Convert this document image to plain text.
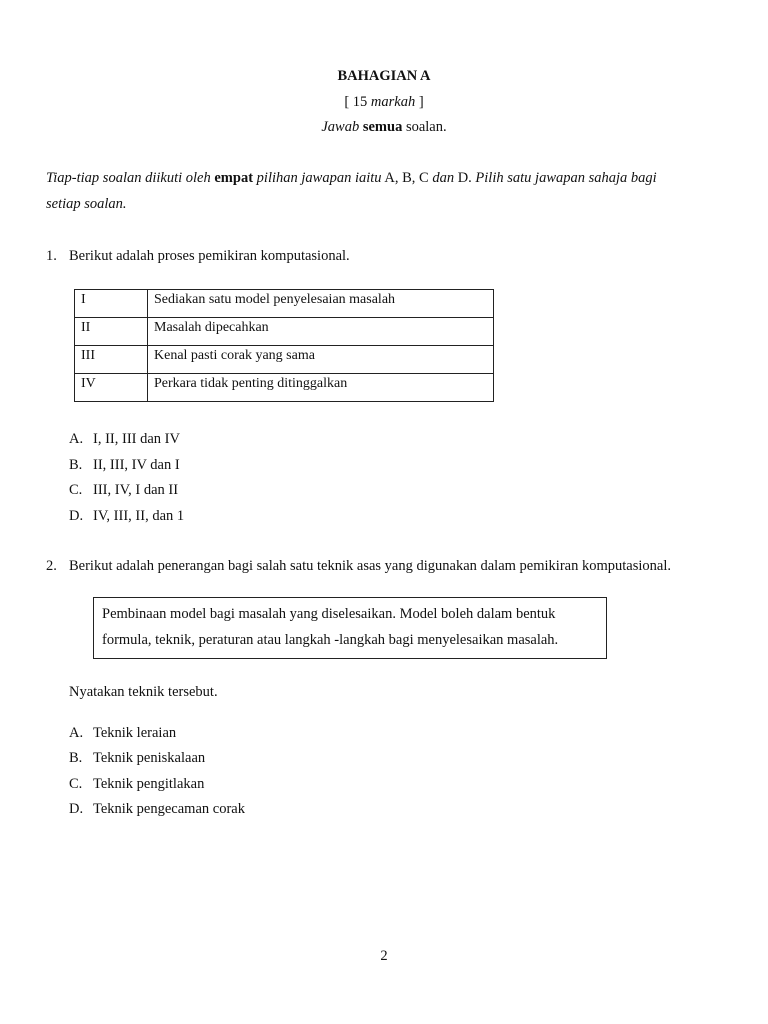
BAHAGIAN A
[ 15 markah ]
Jawab semua soalan.
Tiap-tiap soalan diikuti oleh empat pilihan jawapan iaitu A, B, C dan D. Pilih satu jawapan sahaja bagi
setiap soalan.
1. Berikut adalah proses pemikiran komputasional.
I	Sediakan satu model penyelesaian masalah
II	Masalah dipecahkan
III	Kenal pasti corak yang sama
IV	Perkara tidak penting ditinggalkan
A. I, II, III dan IV
B. II, III, IV dan I
C. III, IV, I dan II
D. IV, III, II, dan 1
2. Berikut adalah penerangan bagi salah satu teknik asas yang digunakan dalam pemikiran komputasional.
Pembinaan model bagi masalah yang diselesaikan. Model boleh dalam bentuk
formula, teknik, peraturan atau langkah -langkah bagi menyelesaikan masalah.
Nyatakan teknik tersebut.
A. Teknik leraian
B. Teknik peniskalaan
C. Teknik pengitlakan
D. Teknik pengecaman corak
2
